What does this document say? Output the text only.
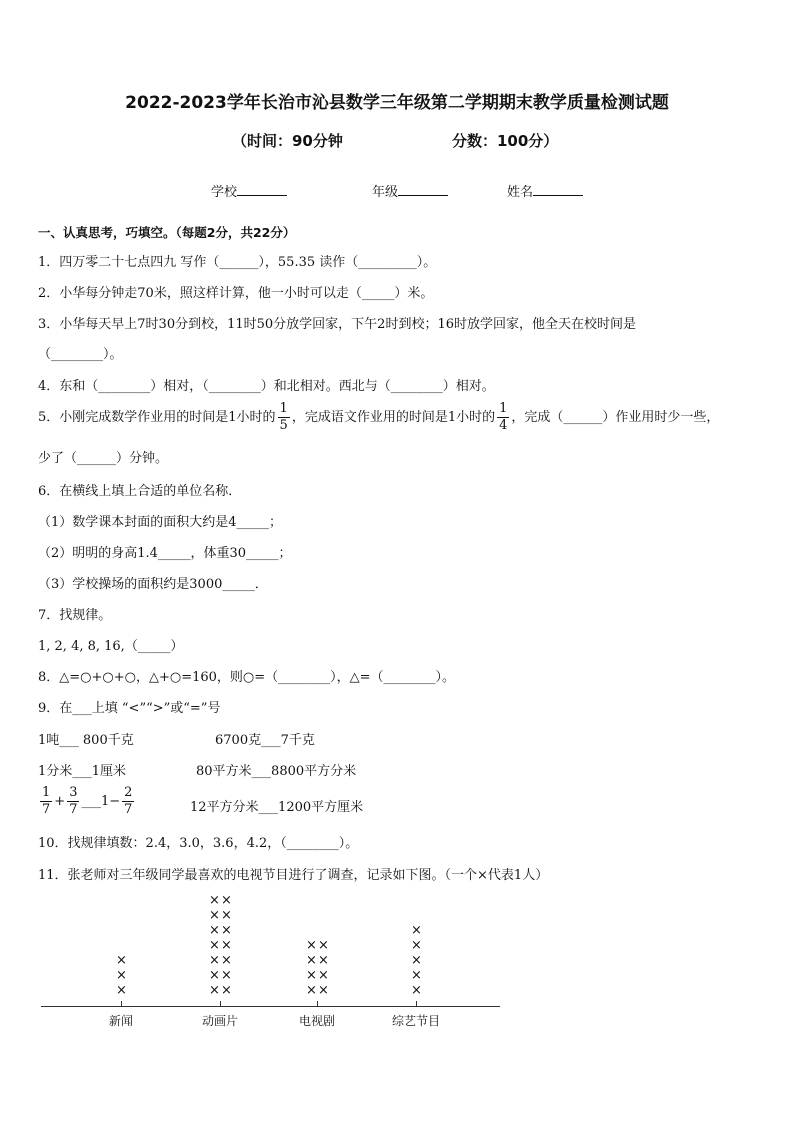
2022-2023学年长治市沁县数学三年级第二学期期末教学质量检测试题
（时间：90分钟	分数：100分）
学校	年级	姓名
一、认真思考，巧填空。（每题2分，共22分）
1．四万零二十七点四九 写作（______），55.35 读作（_________）。
2．小华每分钟走70米，照这样计算，他一小时可以走（_____）米。
3．小华每天早上7时30分到校，11时50分放学回家，下午2时到校；16时放学回家，他全天在校时间是
（________）。
4．东和（________）相对，（________）和北相对。西北与（________）相对。
5．小刚完成数学作业用的时间是1小时的 $\frac{1}{5}$ ，完成语文作业用的时间是1小时的 $\frac{1}{4}$ ，完成（______）作业用时少一些，
少了（______）分钟。
6．在横线上填上合适的单位名称．
（1）数学课本封面的面积大约是4_____；
（2）明明的身高1.4_____，体重30_____；
（3）学校操场的面积约是3000_____．
7．找规律。
1, 2, 4, 8, 16,（_____）
8．△=○+○+○，△+○=160，则○=（________），△=（________）。
9．在___上填 “<”“>”或“=”号
1吨___ 800千克	6700克___7千克
1分米___1厘米	80平方米___8800平方分米
$\frac{1}{7} + \frac{3}{7}$ ___1− $\frac{2}{7}$	12平方分米___1200平方厘米
10．找规律填数：2.4，3.0，3.6，4.2，（________）。
11．张老师对三年级同学最喜欢的电视节目进行了调查，记录如下图。（一个×代表1人）
×
×
×
新闻
× ×
× ×
× ×
× ×
× ×
× ×
× ×
动画片
× ×
× ×
× ×
× ×
电视剧
×
×
×
×
×
综艺节目
